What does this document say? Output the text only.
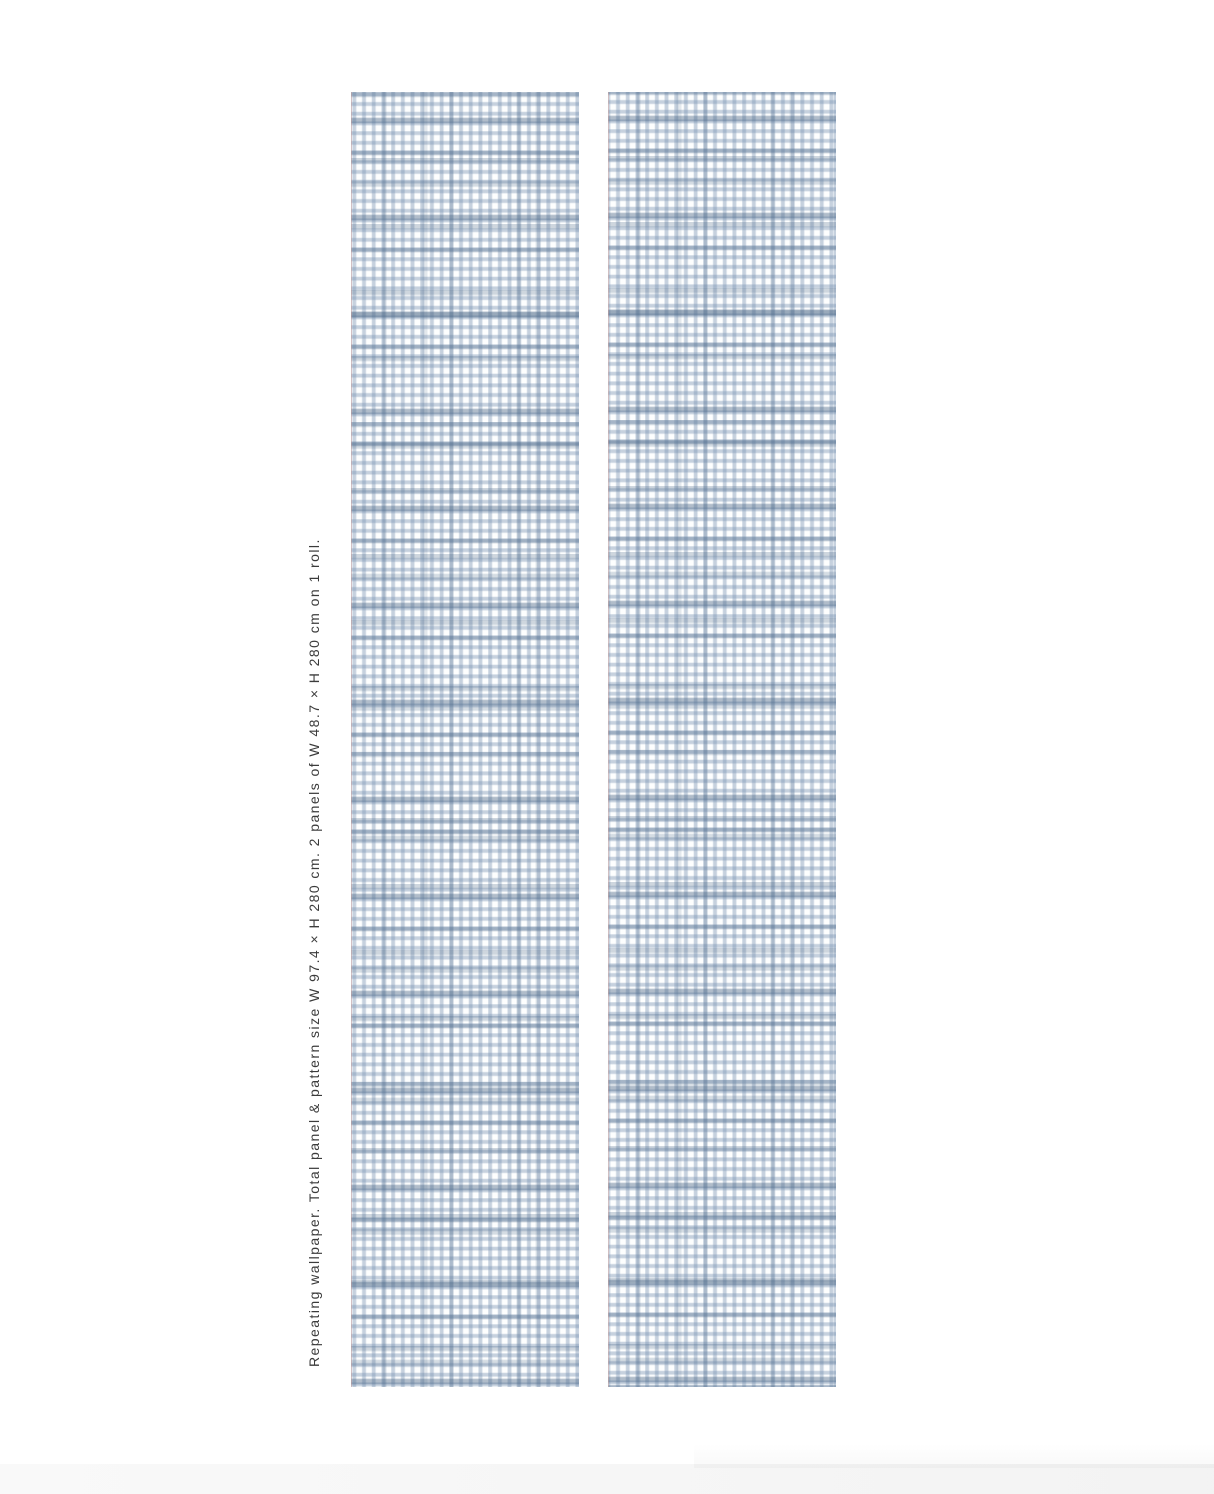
Repeating wallpaper. Total panel & pattern size W 97.4 × H 280 cm. 2 panels of W 48.7 × H 280 cm on 1 roll.
